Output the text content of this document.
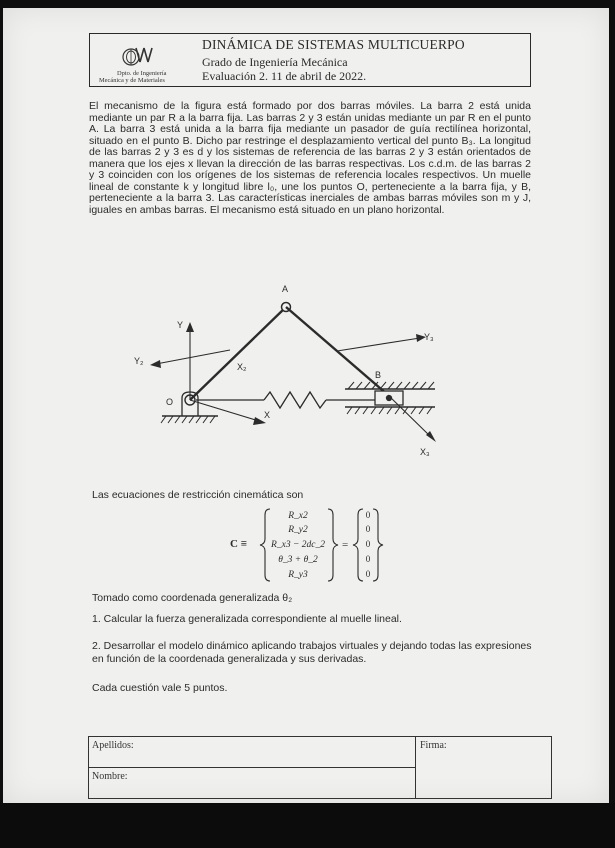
Dpto. de Ingeniería
Mecánica y de Materiales
DINÁMICA DE SISTEMAS MULTICUERPO
Grado de Ingeniería Mecánica
Evaluación 2. 11 de abril de 2022.
El mecanismo de la figura está formado por dos barras móviles. La barra 2 está unida mediante un par R a la barra fija. Las barras 2 y 3 están unidas mediante un par R en el punto A. La barra 3 está unida a la barra fija mediante un pasador de guía rectilínea horizontal, situado en el punto B. Dicho par restringe el desplazamiento vertical del punto B₃. La longitud de las barras 2 y 3 es d y los sistemas de referencia de las barras 2 y 3 están orientados de manera que los ejes x llevan la dirección de las barras respectivas. Los c.d.m. de las barras 2 y 3 coinciden con los orígenes de los sistemas de referencia locales respectivos. Un muelle lineal de constante k y longitud libre l₀, une los puntos O, perteneciente a la barra fija, y B, perteneciente a la barra 3. Las características inerciales de ambas barras móviles son m y J, iguales en ambas barras. El mecanismo está situado en un plano horizontal.
A
B
O
Y
X
Y₂
X₂
Y₃
X₃
Las ecuaciones de restricción cinemática son
C ≡
R_x2
R_y2
R_x3 − 2dc_2
θ_3 + θ_2
R_y3
=
0
0
0
0
0
Tomado como coordenada generalizada θ₂
1. Calcular la fuerza generalizada correspondiente al muelle lineal.
2. Desarrollar el modelo dinámico aplicando trabajos virtuales y dejando todas las expresiones en función de la coordenada generalizada y sus derivadas.
Cada cuestión vale 5 puntos.
Apellidos:
Nombre:
Firma:
